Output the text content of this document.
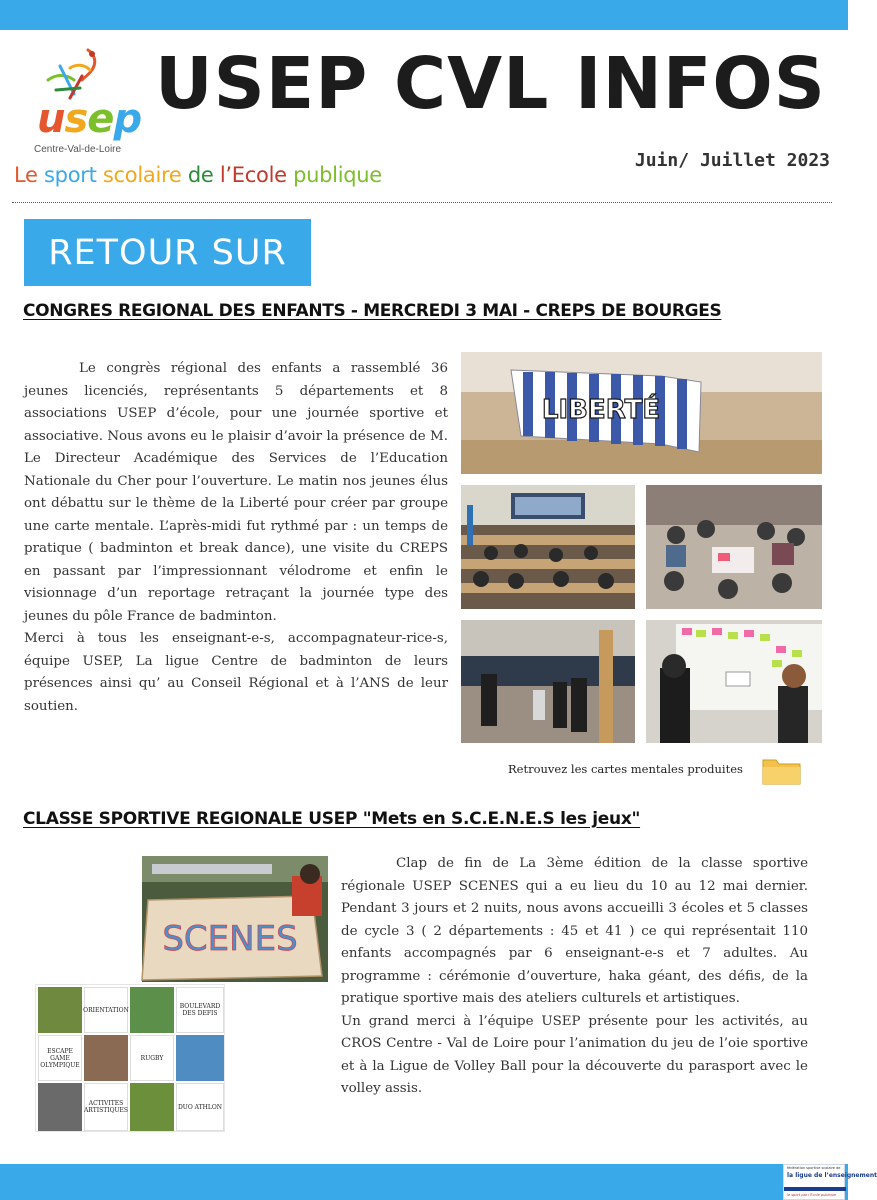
usep
Centre-Val-de-Loire
Le sport scolaire de l’Ecole publique
USEP CVL INFOS
Juin/ Juillet 2023
RETOUR SUR
CONGRES REGIONAL DES ENFANTS - MERCREDI 3 MAI - CREPS DE BOURGES

Le congrès régional des enfants a rassemblé 36 jeunes licenciés, représentants 5 départements et 8 associations USEP d’école, pour une journée sportive et associative. Nous avons eu le plaisir d’avoir la présence de M. Le Directeur Académique des Services de l’Education Nationale du Cher pour l’ouverture. Le matin nos jeunes élus ont débattu sur le thème de la Liberté pour créer par groupe une carte mentale. L’après-midi fut rythmé par : un temps de pratique ( badminton et break dance), une visite du CREPS en passant par l’impressionnant vélodrome et enfin le visionnage d’un reportage retraçant la journée type des jeunes du pôle France de badminton.

Merci à tous les enseignant-e-s, accompagnateur-rice-s, équipe USEP, La ligue Centre de badminton de leurs présences ainsi qu’ au Conseil Régional et à l’ANS de leur soutien.

LIBERTÉ
Retrouvez les cartes mentales produites
CLASSE SPORTIVE REGIONALE USEP "Mets en S.C.E.N.E.S les jeux"
SCENES
ORIENTATION	BOULEVARD DES DEFIS
ESCAPE GAME OLYMPIQUE
RUGBY
ACTIVITES ARTISTIQUES	DUO ATHLON

Clap de fin de La 3ème édition de la classe sportive régionale USEP SCENES qui a eu lieu du 10 au 12 mai dernier. Pendant 3 jours et 2 nuits, nous avons accueilli 3 écoles et 5 classes de cycle 3 ( 2 départements : 45 et 41 ) ce qui représentait 110 enfants accompagnés par 6 enseignant-e-s et 7 adultes. Au programme : cérémonie d’ouverture, haka géant, des défis, de la pratique sportive mais des ateliers culturels et artistiques.

Un grand merci à l’équipe USEP présente pour les activités, au CROS Centre - Val de Loire pour l’animation du jeu de l’oie sportive et à la Ligue de Volley Ball pour la découverte du parasport avec le volley assis.

fédération sportive scolaire de
la ligue de l’enseignement
le sport par l’Ecole publique
